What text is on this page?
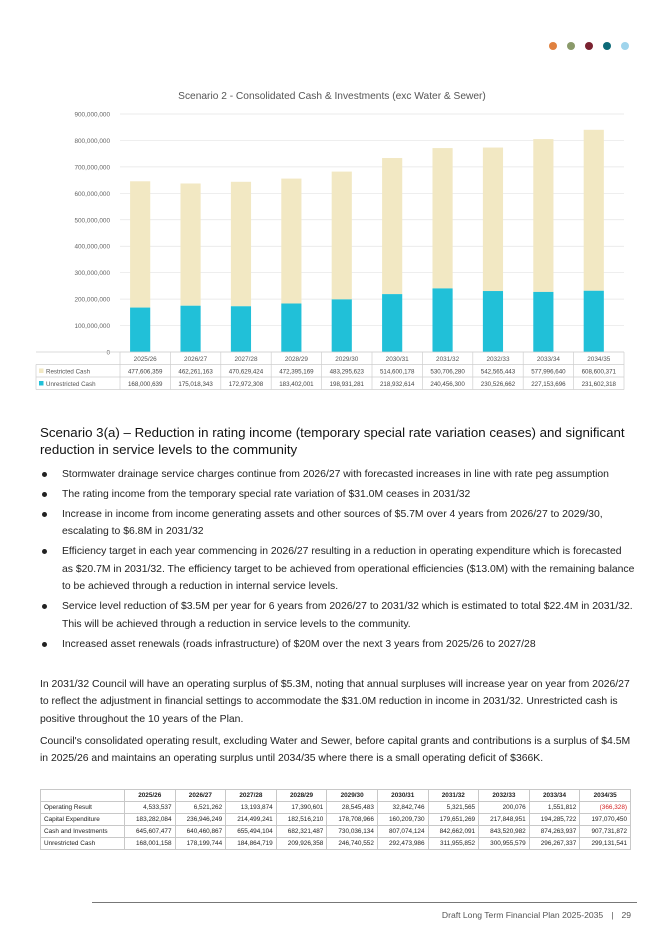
Scenario 2 - Consolidated Cash & Investments (exc Water & Sewer)
0
100,000,000
200,000,000
300,000,000
400,000,000
500,000,000
600,000,000
700,000,000
800,000,000
900,000,000
2025/26	2026/27	2027/28	2028/29	2029/30	2030/31	2031/32	2032/33	2033/34	2034/35
Restricted Cash	477,606,359	462,261,163	470,629,424	472,395,169	483,295,623	514,600,178	530,706,280	542,565,443	577,996,640	608,600,371
Unrestricted Cash	168,000,639	175,018,343	172,972,308	183,402,001	198,931,281	218,932,614	240,456,300	230,526,662	227,153,696	231,602,318
Scenario 3(a) – Reduction in rating income (temporary special rate variation ceases) and significant reduction in service levels to the community
Stormwater drainage service charges continue from 2026/27 with forecasted increases in line with rate peg assumption
The rating income from the temporary special rate variation of $31.0M ceases in 2031/32
Increase in income from income generating assets and other sources of $5.7M over 4 years from 2026/27 to 2029/30, escalating to $6.8M in 2031/32
Efficiency target in each year commencing in 2026/27 resulting in a reduction in operating expenditure which is forecasted as $20.7M in 2031/32. The efficiency target to be achieved from operational efficiencies ($13.0M) with the remaining balance to be achieved through a reduction in internal service levels.
Service level reduction of $3.5M per year for 6 years from 2026/27 to 2031/32 which is estimated to total $22.4M in 2031/32. This will be achieved through a reduction in service levels to the community.
Increased asset renewals (roads infrastructure) of $20M over the next 3 years from 2025/26 to 2027/28

In 2031/32 Council will have an operating surplus of $5.3M, noting that annual surpluses will increase year on year from 2026/27 to reflect the adjustment in financial settings to accommodate the $31.0M reduction in income in 2031/32. Unrestricted cash is positive throughout the 10 years of the Plan.

Council's consolidated operating result, excluding Water and Sewer, before capital grants and contributions is a surplus of $4.5M in 2025/26 and maintains an operating surplus until 2034/35 where there is a small operating deficit of $366K.

	2025/26	2026/27	2027/28	2028/29	2029/30	2030/31	2031/32	2032/33	2033/34	2034/35
Operating Result	4,533,537	6,521,262	13,193,874	17,390,601	28,545,483	32,842,746	5,321,565	200,076	1,551,812	(366,328)
Capital Expenditure	183,282,084	236,946,249	214,499,241	182,516,210	178,708,966	160,209,730	179,651,269	217,848,951	194,285,722	197,070,450
Cash and Investments	645,607,477	640,460,867	655,494,104	682,321,487	730,036,134	807,074,124	842,662,091	843,520,982	874,263,937	907,731,872
Unrestricted Cash	168,001,158	178,199,744	184,864,719	209,926,358	246,740,552	292,473,986	311,955,852	300,955,579	296,267,337	299,131,541
Draft Long Term Financial Plan 2025-2035 | 29
